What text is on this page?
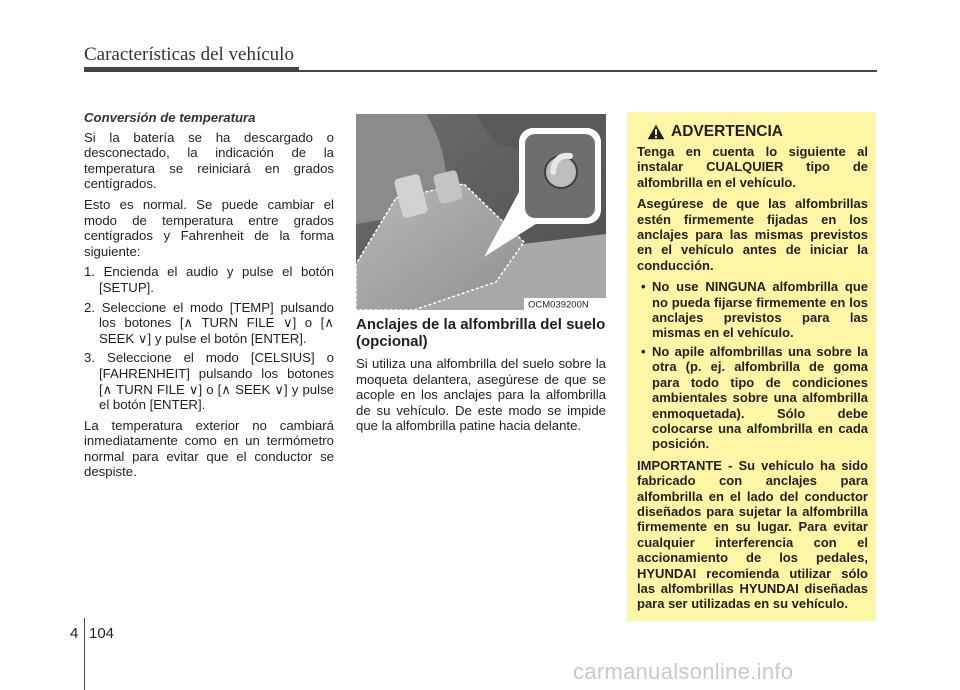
Características del vehículo
Conversión de temperatura

Si la batería se ha descargado o desconectado, la indicación de la temperatura se reiniciará en grados centígrados.

Esto es normal. Se puede cambiar el modo de temperatura entre grados centígrados y Fahrenheit de la forma siguiente:

1. Encienda el audio y pulse el botón [SETUP].
2. Seleccione el modo [TEMP] pulsando los botones [∧ TURN FILE ∨] o [∧ SEEK ∨] y pulse el botón [ENTER].
3. Seleccione el modo [CELSIUS] o [FAHRENHEIT] pulsando los botones [∧ TURN FILE ∨] o [∧ SEEK ∨] y pulse el botón [ENTER].

La temperatura exterior no cambiará inmediatamente como en un termómetro normal para evitar que el conductor se despiste.

OCM039200N
Anclajes de la alfombrilla del suelo (opcional)

Si utiliza una alfombrilla del suelo sobre la moqueta delantera, asegúrese de que se acople en los anclajes para la alfombrilla de su vehículo. De este modo se impide que la alfombrilla patine hacia delante.

ADVERTENCIA

Tenga en cuenta lo siguiente al instalar CUALQUIER tipo de alfombrilla en el vehículo.

Asegúrese de que las alfombrillas estén firmemente fijadas en los anclajes para las mismas previstos en el vehículo antes de iniciar la conducción.

• No use NINGUNA alfombrilla que no pueda fijarse firmemente en los anclajes previstos para las mismas en el vehículo.
• No apile alfombrillas una sobre la otra (p. ej. alfombrilla de goma para todo tipo de condiciones ambientales sobre una alfombrilla enmoquetada). Sólo debe colocarse una alfombrilla en cada posición.

IMPORTANTE - Su vehículo ha sido fabricado con anclajes para alfombrilla en el lado del conductor diseñados para sujetar la alfombrilla firmemente en su lugar. Para evitar cualquier interferencia con el accionamiento de los pedales, HYUNDAI recomienda utilizar sólo las alfombrillas HYUNDAI diseñadas para ser utilizadas en su vehículo.

4 104
carmanualsonline.info
